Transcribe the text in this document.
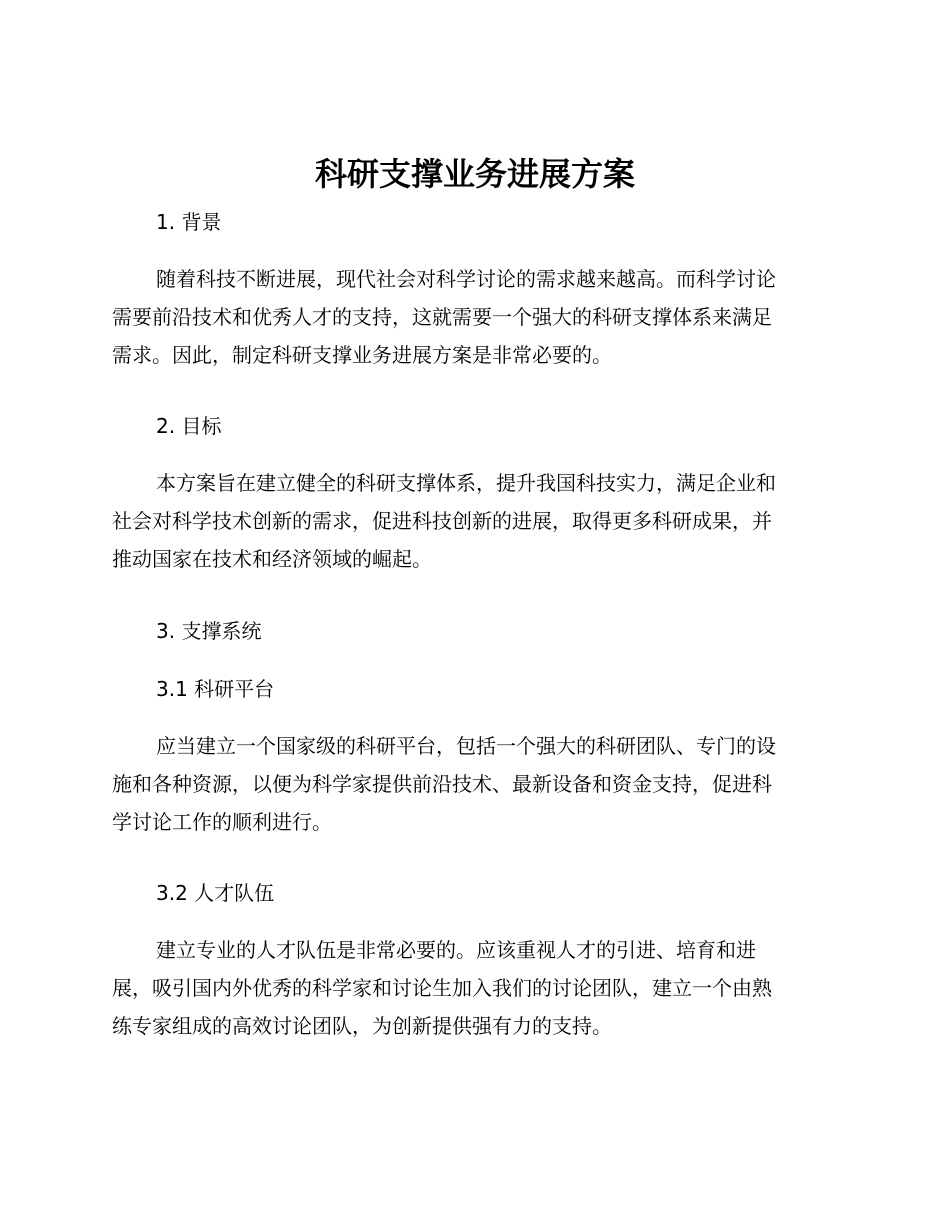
科研支撑业务进展方案
1. 背景
随着科技不断进展，现代社会对科学讨论的需求越来越高。而科学讨论
需要前沿技术和优秀人才的支持，这就需要一个强大的科研支撑体系来满足
需求。因此，制定科研支撑业务进展方案是非常必要的。
2. 目标
本方案旨在建立健全的科研支撑体系，提升我国科技实力，满足企业和
社会对科学技术创新的需求，促进科技创新的进展，取得更多科研成果，并
推动国家在技术和经济领域的崛起。
3. 支撑系统
3.1 科研平台
应当建立一个国家级的科研平台，包括一个强大的科研团队、专门的设
施和各种资源，以便为科学家提供前沿技术、最新设备和资金支持，促进科
学讨论工作的顺利进行。
3.2 人才队伍
建立专业的人才队伍是非常必要的。应该重视人才的引进、培育和进
展，吸引国内外优秀的科学家和讨论生加入我们的讨论团队，建立一个由熟
练专家组成的高效讨论团队，为创新提供强有力的支持。
